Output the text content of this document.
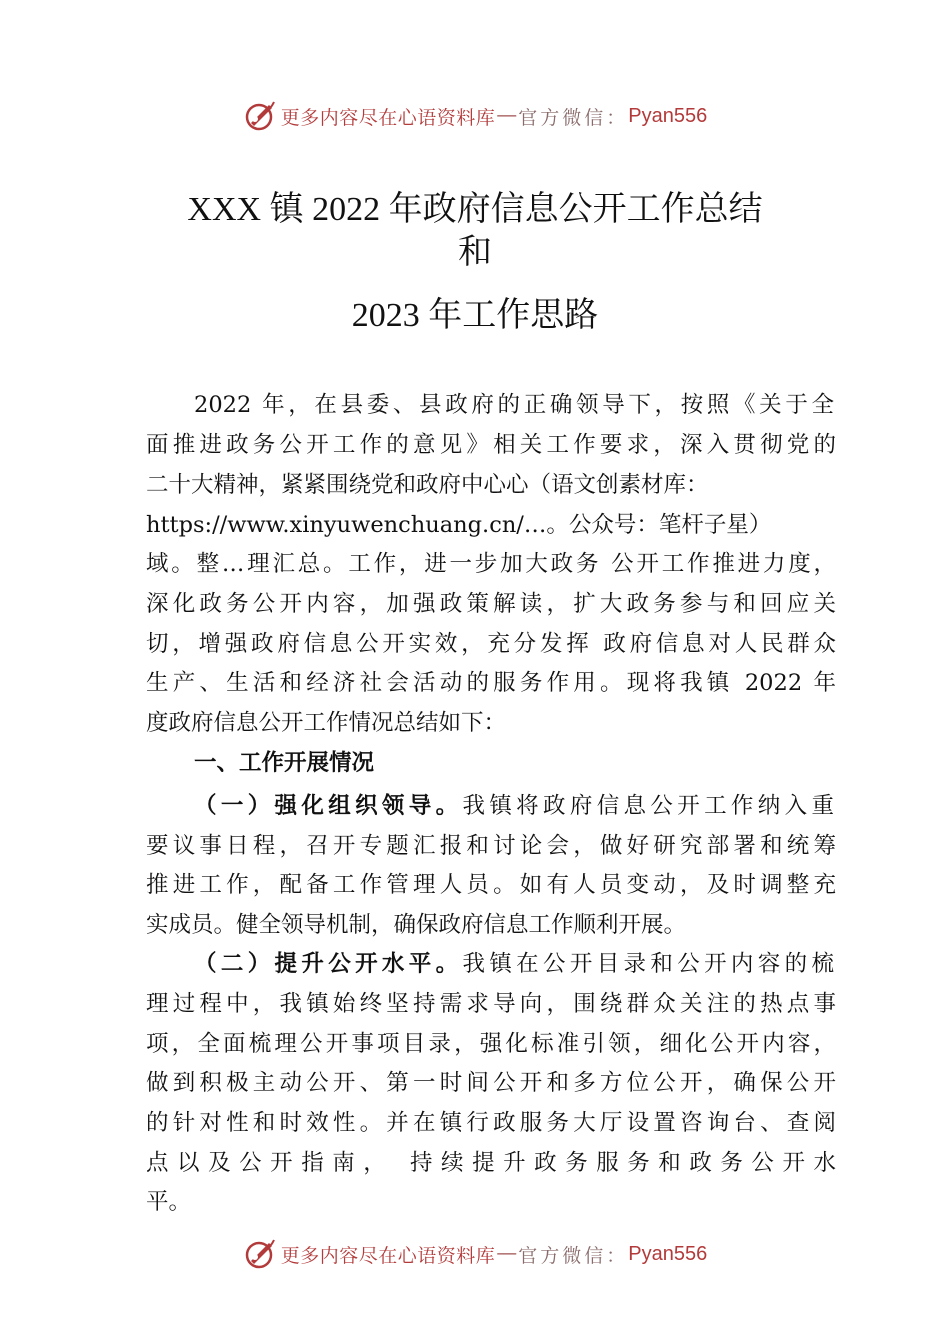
更多内容尽在心语资料库 — 官方微信： Pyan556
XXX 镇 2022 年政府信息公开工作总结
和
2023 年工作思路
2022 年，在县委、县政府的正确领导下，按照《关于全
面推进政务公开工作的意见》相关工作要求，深入贯彻党的
二十大精神，紧紧围绕党和政府中心心（语文创素材库：
https://www.xinyuwenchuang.cn/…。公众号：笔杆子星）
域。整…理汇总。工作，进一步加大政务 公开工作推进力度，
深化政务公开内容，加强政策解读，扩大政务参与和回应关
切，增强政府信息公开实效，充分发挥 政府信息对人民群众
生产、生活和经济社会活动的服务作用。现将我镇 2022 年
度政府信息公开工作情况总结如下：
一、工作开展情况
（一）强化组织领导。我镇将政府信息公开工作纳入重
要议事日程，召开专题汇报和讨论会，做好研究部署和统筹
推进工作，配备工作管理人员。如有人员变动，及时调整充
实成员。健全领导机制，确保政府信息工作顺利开展。
（二）提升公开水平。我镇在公开目录和公开内容的梳
理过程中，我镇始终坚持需求导向，围绕群众关注的热点事
项，全面梳理公开事项目录，强化标准引领，细化公开内容，
做到积极主动公开、第一时间公开和多方位公开，确保公开
的针对性和时效性。并在镇行政服务大厅设置咨询台、查阅
点以及公开指南， 持续提升政务服务和政务公开水
平。
更多内容尽在心语资料库 — 官方微信： Pyan556
